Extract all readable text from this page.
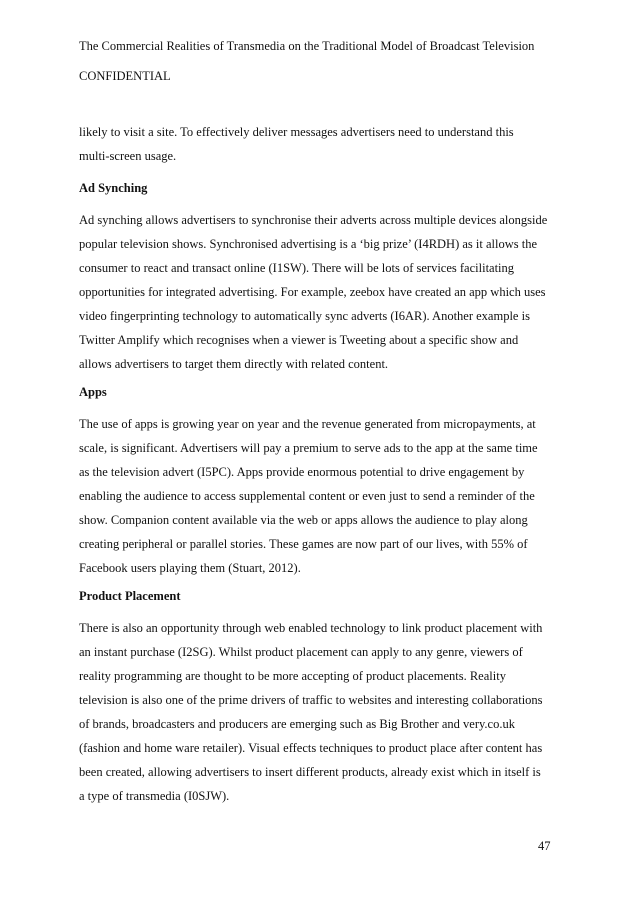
The Commercial Realities of Transmedia on the Traditional Model of Broadcast Television
CONFIDENTIAL
likely to visit a site. To effectively deliver messages advertisers need to understand this
multi-screen usage.
Ad Synching
Ad synching allows advertisers to synchronise their adverts across multiple devices alongside
popular television shows. Synchronised advertising is a ‘big prize’ (I4RDH) as it allows the
consumer to react and transact online (I1SW). There will be lots of services facilitating
opportunities for integrated advertising. For example, zeebox have created an app which uses
video fingerprinting technology to automatically sync adverts (I6AR). Another example is
Twitter Amplify which recognises when a viewer is Tweeting about a specific show and
allows advertisers to target them directly with related content.
Apps
The use of apps is growing year on year and the revenue generated from micropayments, at
scale, is significant. Advertisers will pay a premium to serve ads to the app at the same time
as the television advert (I5PC). Apps provide enormous potential to drive engagement by
enabling the audience to access supplemental content or even just to send a reminder of the
show. Companion content available via the web or apps allows the audience to play along
creating peripheral or parallel stories. These games are now part of our lives, with 55% of
Facebook users playing them (Stuart, 2012).
Product Placement
There is also an opportunity through web enabled technology to link product placement with
an instant purchase (I2SG). Whilst product placement can apply to any genre, viewers of
reality programming are thought to be more accepting of product placements. Reality
television is also one of the prime drivers of traffic to websites and interesting collaborations
of brands, broadcasters and producers are emerging such as Big Brother and very.co.uk
(fashion and home ware retailer). Visual effects techniques to product place after content has
been created, allowing advertisers to insert different products, already exist which in itself is
a type of transmedia (I0SJW).
47
